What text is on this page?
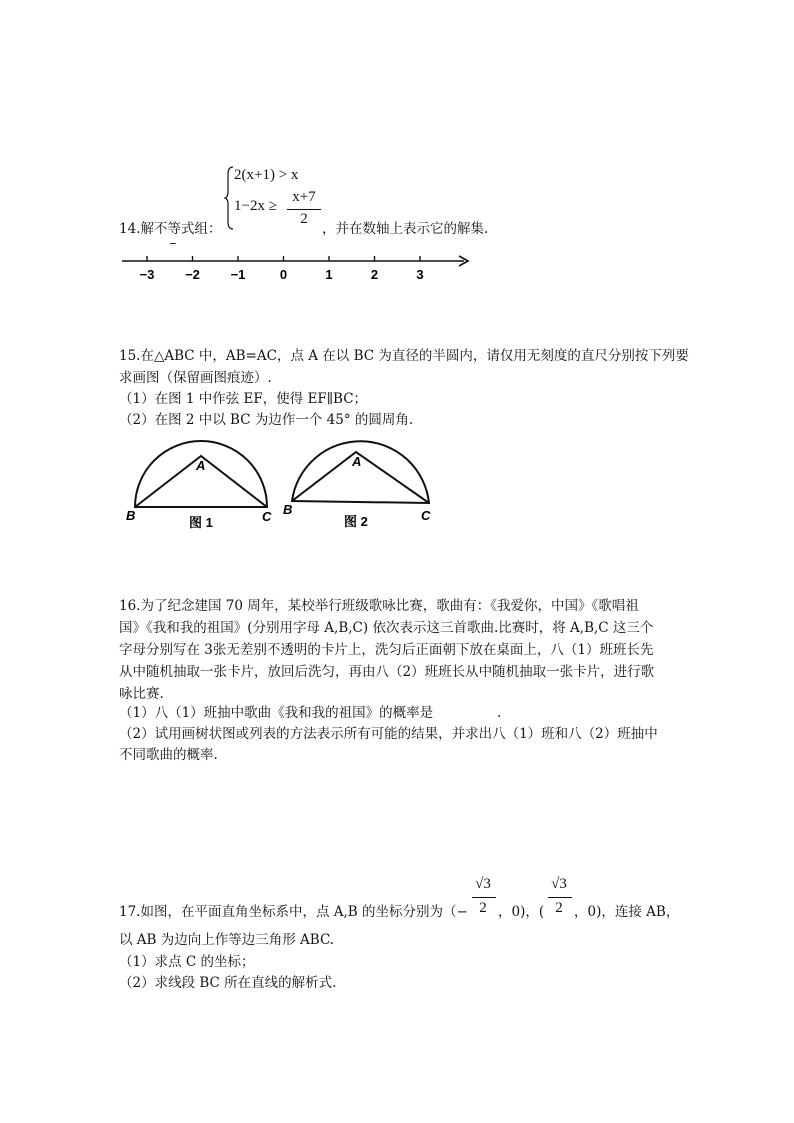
2(x+1) > x
1−2x ≥
x+7
2
14.解不等式组：	，并在数轴上表示它的解集.
−3 −2 −1	0	1	2	3
15.在△ABC 中，AB=AC，点 A 在以 BC 为直径的半圆内，请仅用无刻度的直尺分别按下列要
求画图（保留画图痕迹）.
（1）在图 1 中作弦 EF，使得 EF∥BC；
（2）在图 2 中以 BC 为边作一个 45° 的圆周角.
A
B	C
图 1
A
B	C
图 2
16.为了纪念建国 70 周年，某校举行班级歌咏比赛，歌曲有：《我爱你，中国》《歌唱祖
国》《我和我的祖国》(分别用字母 A,B,C) 依次表示这三首歌曲.比赛时，将 A,B,C 这三个
字母分别写在 3张无差别不透明的卡片上，洗匀后正面朝下放在桌面上，八（1）班班长先
从中随机抽取一张卡片，放回后洗匀，再由八（2）班班长从中随机抽取一张卡片，进行歌
咏比赛.
（1）八（1）班抽中歌曲《我和我的祖国》的概率是	.
（2）试用画树状图或列表的方法表示所有可能的结果，并求出八（1）班和八（2）班抽中
不同歌曲的概率.
17.如图，在平面直角坐标系中，点 A,B 的坐标分别为（−
√3
2 ，0)，(
√3
2 ，0)，连接 AB，
以 AB 为边向上作等边三角形 ABC.
（1）求点 C 的坐标；
（2）求线段 BC 所在直线的解析式.
